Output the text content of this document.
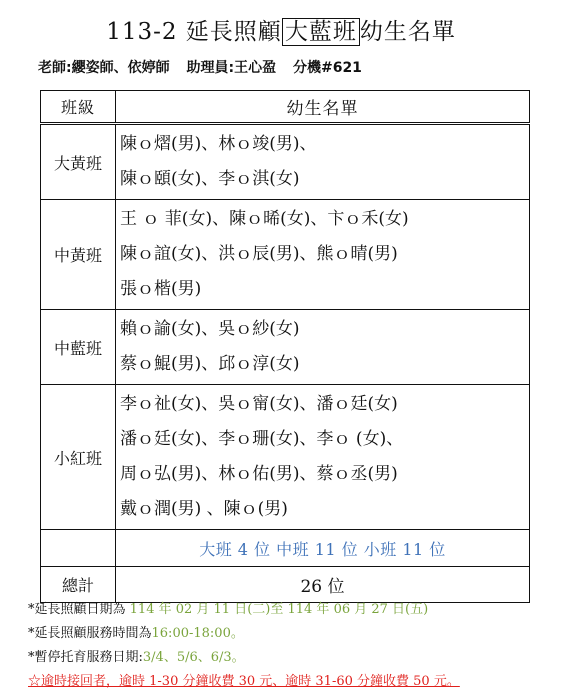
113-2 延長照顧 大藍班 幼生名單
老師:纓姿師、依婷師 助理員:王心盈 分機#621
班級	幼生名單
大黃班	陳ｏ熠(男)、林ｏ竣(男)、
陳ｏ頤(女)、李ｏ淇(女)

中黃班	王 ｏ 菲(女)、陳ｏ晞(女)、卞ｏ禾(女)
陳ｏ誼(女)、洪ｏ辰(男)、熊ｏ晴(男)
張ｏ楷(男)

中藍班	賴ｏ諭(女)、吳ｏ紗(女)
蔡ｏ鯤(男)、邱ｏ淳(女)

小紅班	李ｏ祉(女)、吳ｏ甯(女)、潘ｏ廷(女)
潘ｏ廷(女)、李ｏ珊(女)、李ｏ (女)、
周ｏ弘(男)、林ｏ佑(男)、蔡ｏ丞(男)
戴ｏ潤(男) 、陳ｏ(男)

	大班 4 位 中班 11 位 小班 11 位
總計	26 位
*延長照顧日期為 114 年 02 月 11 日(二)至 114 年 06 月 27 日(五)
*延長照顧服務時間為16:00-18:00。
*暫停托育服務日期:3/4、5/6、6/3。
☆逾時接回者，逾時 1-30 分鐘收費 30 元、逾時 31-60 分鐘收費 50 元。
